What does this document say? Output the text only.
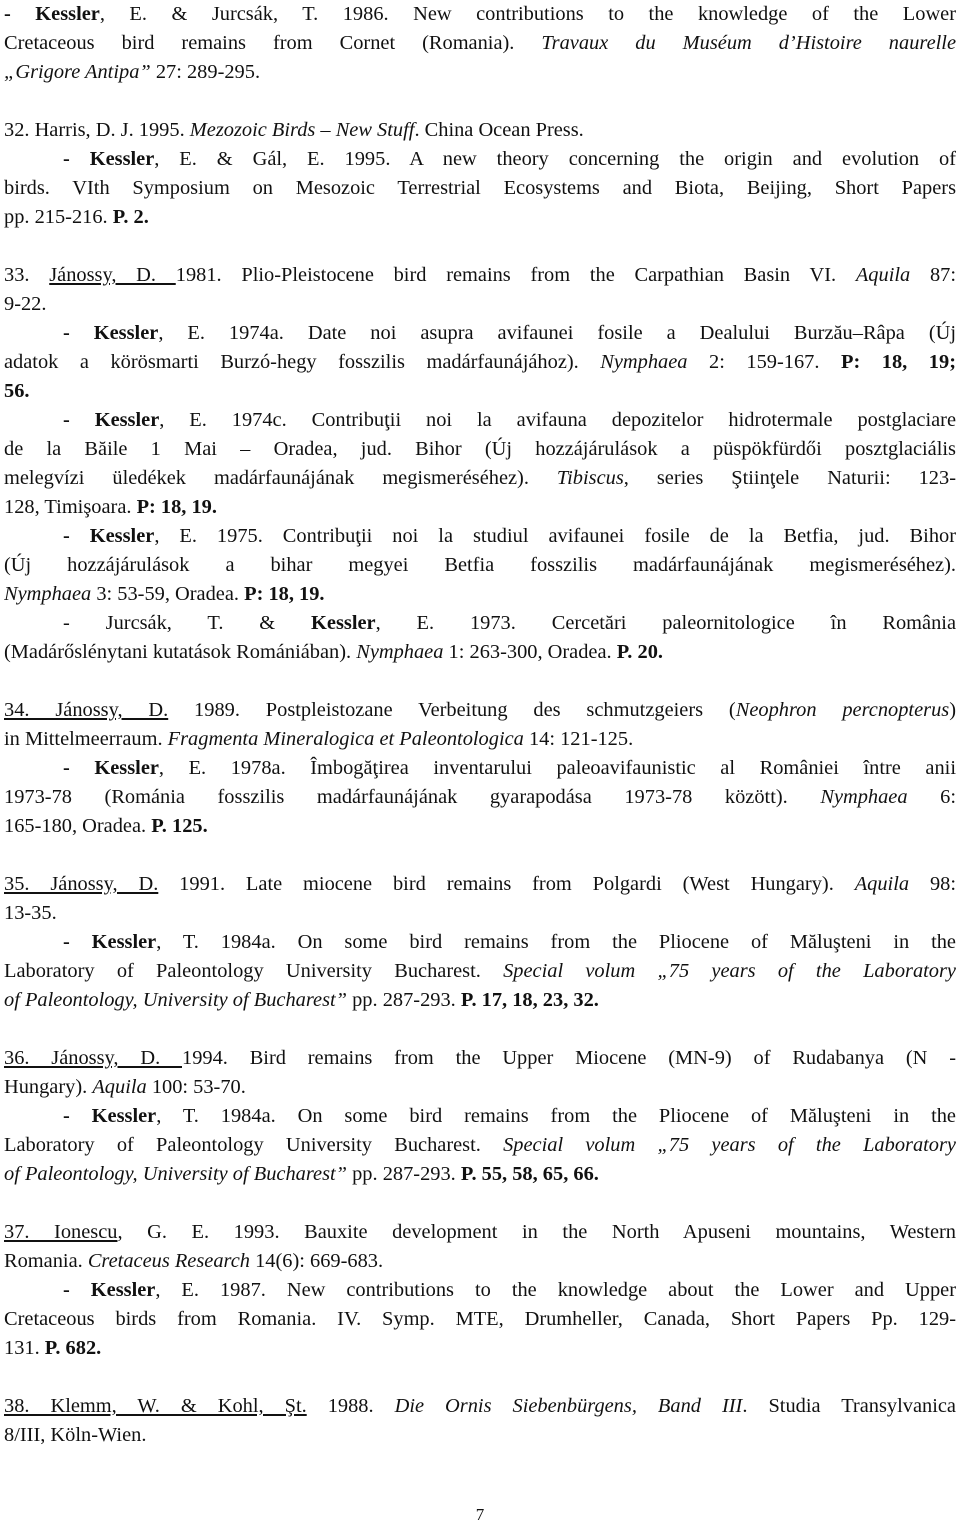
- Kessler, E. & Jurcsák, T. 1986. New contributions to the knowledge of the Lower
Cretaceous bird remains from Cornet (Romania). Travaux du Muséum d’Histoire naurelle
„Grigore Antipa” 27: 289-295.
32. Harris, D. J. 1995. Mezozoic Birds – New Stuff. China Ocean Press.
- Kessler, E. & Gál, E. 1995. A new theory concerning the origin and evolution of
birds. VIth Symposium on Mesozoic Terrestrial Ecosystems and Biota, Beijing, Short Papers
pp. 215-216. P. 2.
33. Jánossy, D. 1981. Plio-Pleistocene bird remains from the Carpathian Basin VI. Aquila 87:
9-22.
- Kessler, E. 1974a. Date noi asupra avifaunei fosile a Dealului Burzău–Râpa (Új
adatok a körösmarti Burzó-hegy fosszilis madárfaunájához). Nymphaea 2: 159-167. P: 18, 19;
56.
- Kessler, E. 1974c. Contribuţii noi la avifauna depozitelor hidrotermale postglaciare
de la Băile 1 Mai – Oradea, jud. Bihor (Új hozzájárulások a püspökfürdői posztglaciális
melegvízi üledékek madárfaunájának megismeréséhez). Tibiscus, series Ştiinţele Naturii: 123-
128, Timişoara. P: 18, 19.
- Kessler, E. 1975. Contribuţii noi la studiul avifaunei fosile de la Betfia, jud. Bihor
(Új hozzájárulások a bihar megyei Betfia fosszilis madárfaunájának megismeréséhez).
Nymphaea 3: 53-59, Oradea. P: 18, 19.
- Jurcsák, T. & Kessler, E. 1973. Cercetări paleornitologice în România
(Madárőslénytani kutatások Romániában). Nymphaea 1: 263-300, Oradea. P. 20.
34. Jánossy, D. 1989. Postpleistozane Verbeitung des schmutzgeiers (Neophron percnopterus)
in Mittelmeerraum. Fragmenta Mineralogica et Paleontologica 14: 121-125.
- Kessler, E. 1978a. Îmbogăţirea inventarului paleoavifaunistic al României între anii
1973-78 (Románia fosszilis madárfaunájának gyarapodása 1973-78 között). Nymphaea 6:
165-180, Oradea. P. 125.
35. Jánossy, D. 1991. Late miocene bird remains from Polgardi (West Hungary). Aquila 98:
13-35.
- Kessler, T. 1984a. On some bird remains from the Pliocene of Măluşteni in the
Laboratory of Paleontology University Bucharest. Special volum „75 years of the Laboratory
of Paleontology, University of Bucharest” pp. 287-293. P. 17, 18, 23, 32.
36. Jánossy, D. 1994. Bird remains from the Upper Miocene (MN-9) of Rudabanya (N -
Hungary). Aquila 100: 53-70.
- Kessler, T. 1984a. On some bird remains from the Pliocene of Măluşteni in the
Laboratory of Paleontology University Bucharest. Special volum „75 years of the Laboratory
of Paleontology, University of Bucharest” pp. 287-293. P. 55, 58, 65, 66.
37. Ionescu, G. E. 1993. Bauxite development in the North Apuseni mountains, Western
Romania. Cretaceus Research 14(6): 669-683.
- Kessler, E. 1987. New contributions to the knowledge about the Lower and Upper
Cretaceous birds from Romania. IV. Symp. MTE, Drumheller, Canada, Short Papers Pp. 129-
131. P. 682.
38. Klemm, W. & Kohl, Şt. 1988. Die Ornis Siebenbürgens, Band III. Studia Transylvanica
8/III, Köln-Wien.
7
